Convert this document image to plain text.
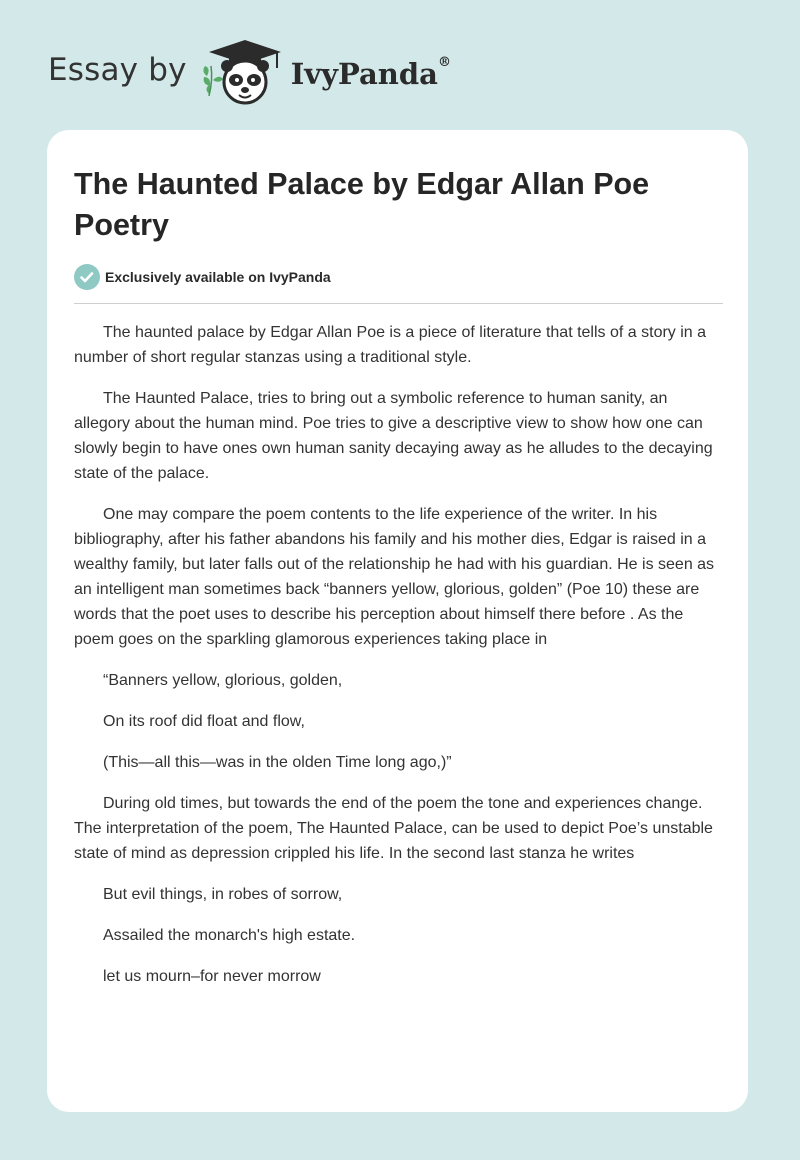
Essay by	IvyPanda®
The Haunted Palace by Edgar Allan Poe Poetry
Exclusively available on IvyPanda

The haunted palace by Edgar Allan Poe is a piece of literature that tells of a story in a number of short regular stanzas using a traditional style.

The Haunted Palace, tries to bring out a symbolic reference to human sanity, an allegory about the human mind. Poe tries to give a descriptive view to show how one can slowly begin to have ones own human sanity decaying away as he alludes to the decaying state of the palace.

One may compare the poem contents to the life experience of the writer. In his bibliography, after his father abandons his family and his mother dies, Edgar is raised in a wealthy family, but later falls out of the relationship he had with his guardian. He is seen as an intelligent man sometimes back “banners yellow, glorious, golden” (Poe 10) these are words that the poet uses to describe his perception about himself there before . As the poem goes on the sparkling glamorous experiences taking place in

“Banners yellow, glorious, golden,

On its roof did float and flow,

(This—all this—was in the olden Time long ago,)”

During old times, but towards the end of the poem the tone and experiences change. The interpretation of the poem, The Haunted Palace, can be used to depict Poe’s unstable state of mind as depression crippled his life. In the second last stanza he writes

But evil things, in robes of sorrow,

Assailed the monarch's high estate.

let us mourn–for never morrow
